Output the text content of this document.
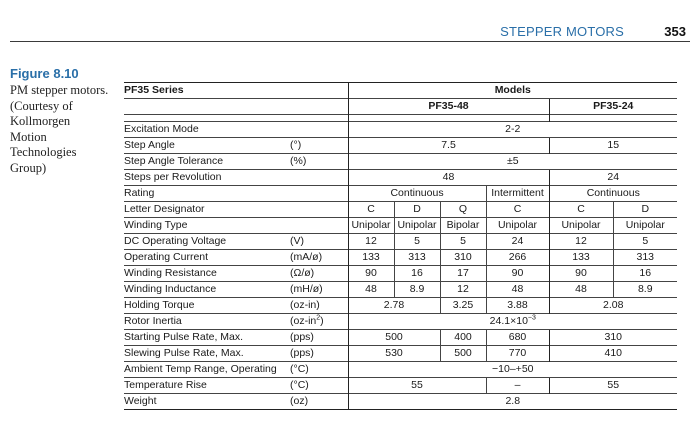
STEPPER MOTORS	353
Figure 8.10
PM stepper motors.
(Courtesy of
Kollmorgen
Motion
Technologies
Group)
PF35 Series		Models					
		PF35-48				PF35-24	

Excitation Mode		2-2					
Step Angle	(°)	7.5				15	
Step Angle Tolerance	(%)	±5					
Steps per Revolution		48				24	
Rating		Continuous			Intermittent	Continuous	
Letter Designator		C	D	Q	C	C	D
Winding Type		Unipolar	Unipolar	Bipolar	Unipolar	Unipolar	Unipolar
DC Operating Voltage	(V)	12	5	5	24	12	5
Operating Current	(mA/ø)	133	313	310	266	133	313
Winding Resistance	(Ω/ø)	90	16	17	90	90	16
Winding Inductance	(mH/ø)	48	8.9	12	48	48	8.9
Holding Torque	(oz-in)	2.78		3.25	3.88	2.08	
Rotor Inertia	$(oz-in^2)$	$24.1\times 10^{-3}$
Starting Pulse Rate, Max.	(pps)	500		400	680	310	
Slewing Pulse Rate, Max.	(pps)	530		500	770	410	
Ambient Temp Range, Operating	(°C)	−10–+50					
Temperature Rise	(°C)	55			–	55	
Weight	(oz)	2.8					
